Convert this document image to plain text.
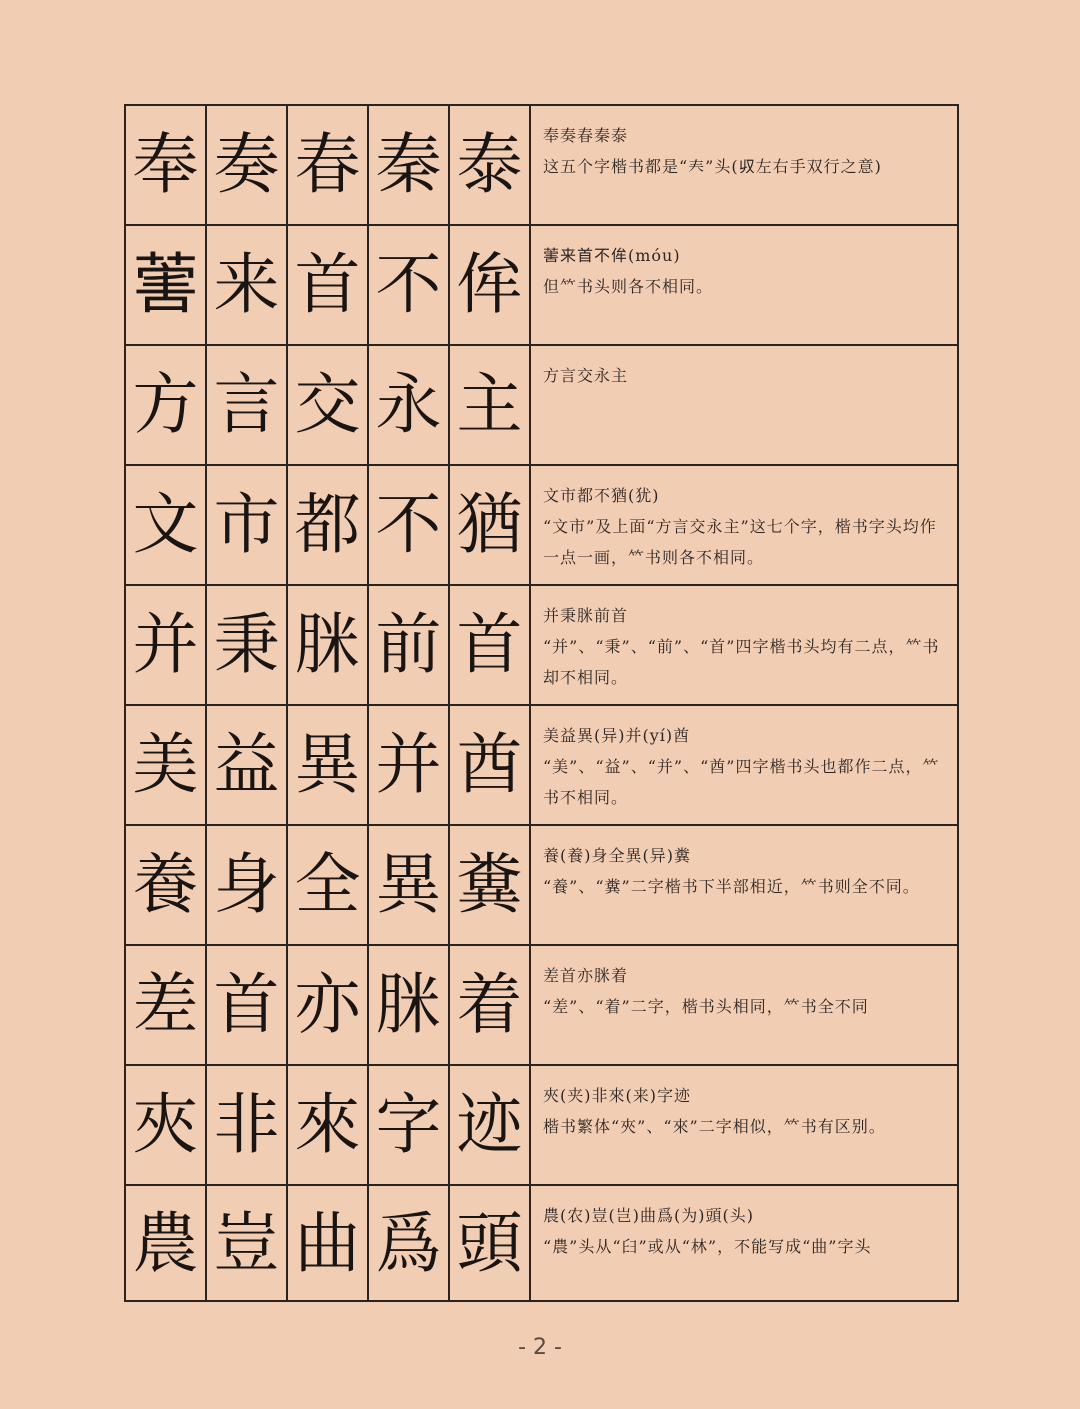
奉 奏 春 秦 泰	奉奏春秦泰
这五个字楷书都是“𡗗”头(𠬞左右手双行之意)
𦵯 来 首 不 侔	𦵯来首不侔(móu)
但𥫗书头则各不相同。
方 言 交 永 主	方言交永主
文 市 都 不 猶	文市都不猶(犹)
“文市”及上面“方言交永主”这七个字，楷书字头均作一点一画，𥫗书则各不相同。
并 秉 脒 前 首	并秉脒前首
“并”、“秉”、“前”、“首”四字楷书头均有二点，𥫗书却不相同。
美 益 異 并 酋	美益異(异)并(yí)酋
“美”、“益”、“并”、“酋”四字楷书头也都作二点，𥫗书不相同。
養 身 全 異 糞	養(養)身全異(异)糞
“養”、“糞”二字楷书下半部相近，𥫗书则全不同。
差 首 亦 脒 着	差首亦脒着
“差”、“着”二字，楷书头相同，𥫗书全不同
夾 非 來 字 迹	夾(夹)非來(来)字迹
楷书繁体“夾”、“來”二字相似，𥫗书有区别。
農 豈 曲 爲 頭	農(农)豈(岂)曲爲(为)頭(头)
“農”头从“𦥑”或从“林”，不能写成“曲”字头
- 2 -
